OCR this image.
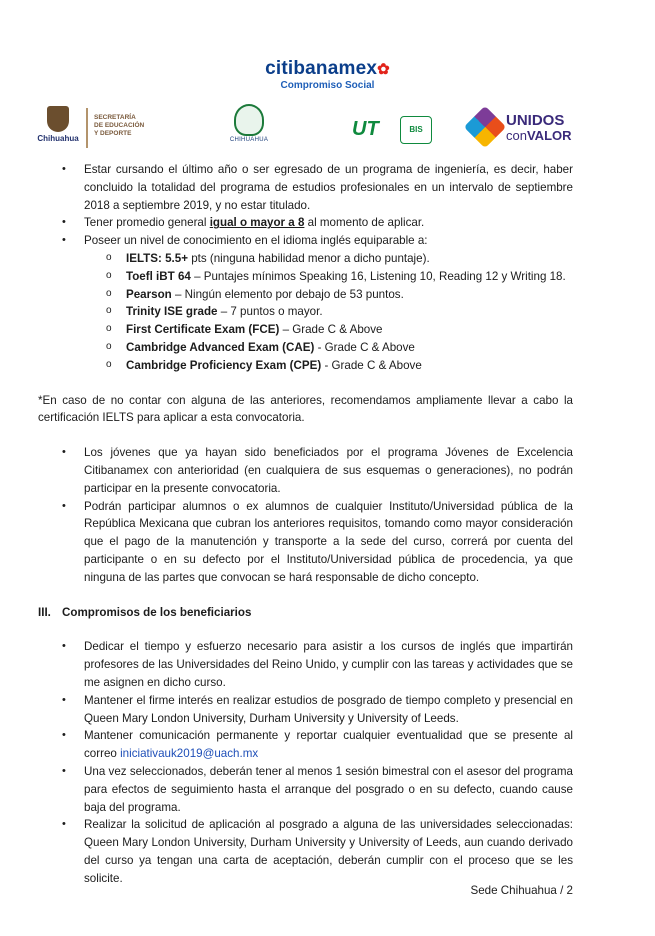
citibanamex✿
Compromiso Social
Chihuahua
SECRETARÍA
DE EDUCACIÓN
Y DEPORTE
CHIHUAHUA	UT	BIS
UNIDOS
conVALOR
• Estar cursando el último año o ser egresado de un programa de ingeniería, es decir, haber concluido la totalidad del programa de estudios profesionales en un intervalo de septiembre 2018 a septiembre 2019, y no estar titulado.
• Tener promedio general igual o mayor a 8 al momento de aplicar.
• Poseer un nivel de conocimiento en el idioma inglés equiparable a:
o IELTS: 5.5+ pts (ninguna habilidad menor a dicho puntaje).
o Toefl iBT 64 – Puntajes mínimos Speaking 16, Listening 10, Reading 12 y Writing 18.
o Pearson – Ningún elemento por debajo de 53 puntos.
o Trinity ISE grade – 7 puntos o mayor.
o First Certificate Exam (FCE) – Grade C & Above
o Cambridge Advanced Exam (CAE) - Grade C & Above
o Cambridge Proficiency Exam (CPE) - Grade C & Above
*En caso de no contar con alguna de las anteriores, recomendamos ampliamente llevar a cabo la certificación IELTS para aplicar a esta convocatoria.
• Los jóvenes que ya hayan sido beneficiados por el programa Jóvenes de Excelencia Citibanamex con anterioridad (en cualquiera de sus esquemas o generaciones), no podrán participar en la presente convocatoria.
• Podrán participar alumnos o ex alumnos de cualquier Instituto/Universidad pública de la República Mexicana que cubran los anteriores requisitos, tomando como mayor consideración que el pago de la manutención y transporte a la sede del curso, correrá por cuenta del participante o en su defecto por el Instituto/Universidad pública de procedencia, ya que ninguna de las partes que convocan se hará responsable de dicho concepto.
III. Compromisos de los beneficiarios
• Dedicar el tiempo y esfuerzo necesario para asistir a los cursos de inglés que impartirán profesores de las Universidades del Reino Unido, y cumplir con las tareas y actividades que se me asignen en dicho curso.
• Mantener el firme interés en realizar estudios de posgrado de tiempo completo y presencial en Queen Mary London University, Durham University y University of Leeds.
• Mantener comunicación permanente y reportar cualquier eventualidad que se presente al correo iniciativauk2019@uach.mx
• Una vez seleccionados, deberán tener al menos 1 sesión bimestral con el asesor del programa para efectos de seguimiento hasta el arranque del posgrado o en su defecto, cuando cause baja del programa.
• Realizar la solicitud de aplicación al posgrado a alguna de las universidades seleccionadas: Queen Mary London University, Durham University y University of Leeds, aun cuando derivado del curso ya tengan una carta de aceptación, deberán cumplir con el proceso que se les solicite.
Sede Chihuahua / 2
